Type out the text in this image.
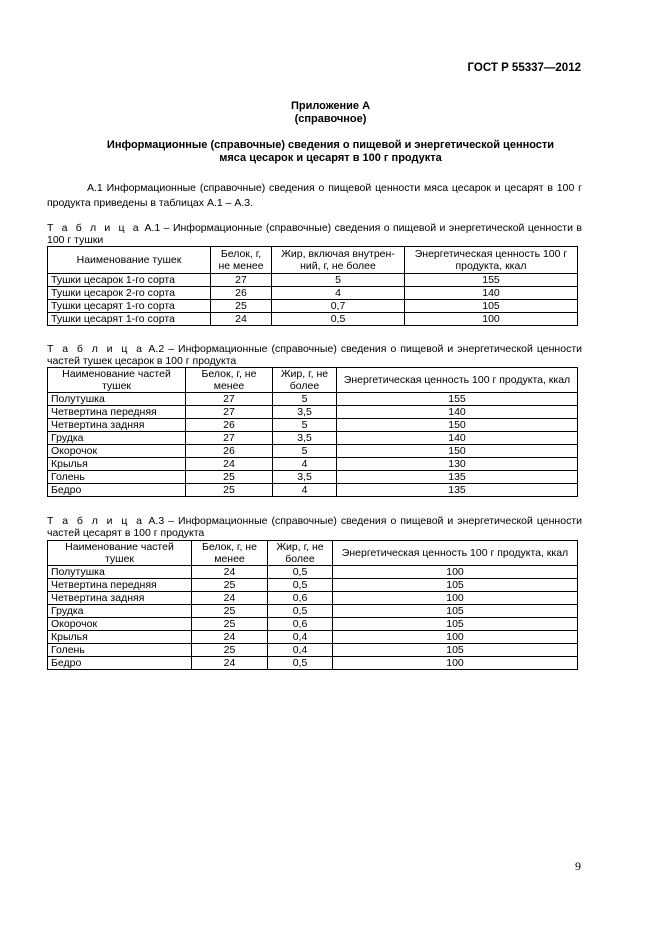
ГОСТ Р 55337—2012
Приложение А
(справочное)
Информационные (справочные) сведения о пищевой и энергетической ценности
мяса цесарок и цесарят в 100 г продукта
А.1 Информационные (справочные) сведения о пищевой ценности мяса цесарок и цесарят в 100 г продукта приведены в таблицах А.1 – А.3.
Т а б л и ц а А.1 – Информационные (справочные) сведения о пищевой и энергетической ценности в 100 г тушки
Наименование тушек	Белок, г, не менее	Жир, включая внутрен-ний, г, не более	Энергетическая ценность 100 г продукта, ккал
Тушки цесарок 1-го сорта	27	5	155
Тушки цесарок 2-го сорта	26	4	140
Тушки цесарят 1-го сорта	25	0,7	105
Тушки цесарят 1-го сорта	24	0,5	100
Т а б л и ц а А.2 – Информационные (справочные) сведения о пищевой и энергетической ценности частей тушек цесарок в 100 г продукта
Наименование частей тушек	Белок, г, не менее	Жир, г, не более	Энергетическая ценность 100 г продукта, ккал
Полутушка	27	5	155
Четвертина передняя	27	3,5	140
Четвертина задняя	26	5	150
Грудка	27	3,5	140
Окорочок	26	5	150
Крылья	24	4	130
Голень	25	3,5	135
Бедро	25	4	135
Т а б л и ц а А.3 – Информационные (справочные) сведения о пищевой и энергетической ценности частей цесарят в 100 г продукта
Наименование частей тушек	Белок, г, не менее	Жир, г, не более	Энергетическая ценность 100 г продукта, ккал
Полутушка	24	0,5	100
Четвертина передняя	25	0,5	105
Четвертина задняя	24	0,6	100
Грудка	25	0,5	105
Окорочок	25	0,6	105
Крылья	24	0,4	100
Голень	25	0,4	105
Бедро	24	0,5	100
9
